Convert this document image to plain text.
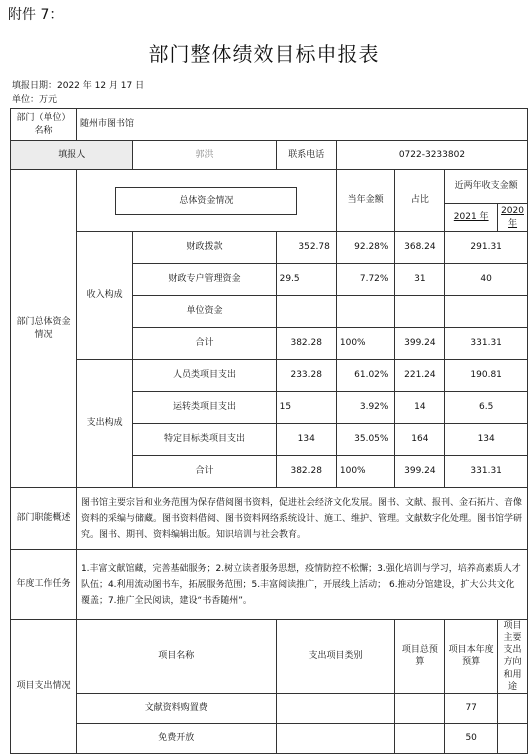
附件 7：
部门整体绩效目标申报表
填报日期：2022 年 12 月 17 日
单位：万元
部门（单位）名称	随州市图书馆						
填报人		郭洪	联系电话	0722-3233802			
部门总体资金情况	总体资金情况			当年金额	占比	近两年收支金额	
						2021 年	2020 年
	收入构成	财政拨款	352.78	92.28%	368.24	291.31	
		财政专户管理资金	29.5	7.72%	31	40	
		单位资金					
		合计	382.28	100%	399.24	331.31	
	支出构成	人员类项目支出	233.28	61.02%	221.24	190.81	
		运转类项目支出	15	3.92%	14	6.5	
		特定目标类项目支出	134	35.05%	164	134	
		合计	382.28	100%	399.24	331.31	
部门职能概述	图书馆主要宗旨和业务范围为保存借阅图书资料，促进社会经济文化发展。图书、文献、报刊、金石拓片、音像资料的采编与储藏。图书资料借阅、图书资料网络系统设计、施工、维护、管理。文献数字化处理。图书馆学研究。图书、期刊、资料编辑出版。知识培训与社会教育。						
年度工作任务	1.丰富文献馆藏，完善基础服务；2.树立读者服务思想，疫情防控不松懈；3.强化培训与学习，培养高素质人才队伍；4.利用流动图书车，拓展服务范围；5.丰富阅读推广，开展线上活动； 6.推动分馆建设，扩大公共文化覆盖；7.推广全民阅读，建设“书香随州”。						
项目支出情况	项目名称		支出项目类别		项目总预算	项目本年度预算	项目主要支出方向和用途
	文献资料购置费					77	
	免费开放					50	
